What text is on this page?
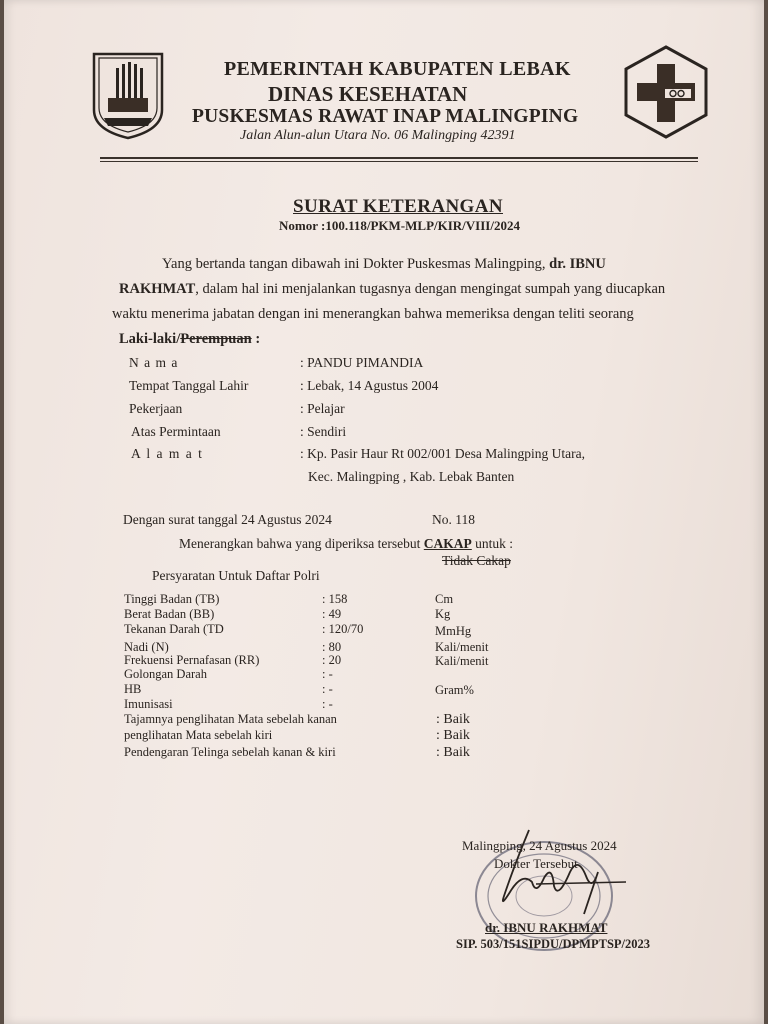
PEMERINTAH KABUPATEN LEBAK
DINAS KESEHATAN
PUSKESMAS RAWAT INAP MALINGPING
Jalan Alun-alun Utara No. 06 Malingping 42391
SURAT KETERANGAN
Nomor :100.118/PKM-MLP/KIR/VIII/2024
Yang bertanda tangan dibawah ini Dokter Puskesmas Malingping, dr. IBNU
RAKHMAT, dalam hal ini menjalankan tugasnya dengan mengingat sumpah yang diucapkan
waktu menerima jabatan dengan ini menerangkan bahwa memeriksa dengan teliti seorang
Laki-laki/Perempuan :
N a m a	: PANDU PIMANDIA
Tempat Tanggal Lahir	: Lebak, 14 Agustus 2004
Pekerjaan	: Pelajar
Atas Permintaan	: Sendiri
A l a m a t	: Kp. Pasir Haur Rt 002/001 Desa Malingping Utara,
Kec. Malingping , Kab. Lebak Banten
Dengan surat tanggal 24 Agustus 2024	No. 118
Menerangkan bahwa yang diperiksa tersebut CAKAP untuk :
Tidak Cakap
Persyaratan Untuk Daftar Polri
Tinggi Badan (TB)	: 158	Cm
Berat Badan (BB)	: 49	Kg
Tekanan Darah (TD	: 120/70	MmHg
Nadi (N)	: 80	Kali/menit
Frekuensi Pernafasan (RR)	: 20	Kali/menit
Golongan Darah	: -
HB	: -	Gram%
Imunisasi	: -
Tajamnya penglihatan Mata sebelah kanan	: Baik
penglihatan Mata sebelah kiri	: Baik
Pendengaran Telinga sebelah kanan & kiri	: Baik
Malingping, 24 Agustus 2024
Dokter Tersebut
dr. IBNU RAKHMAT
SIP. 503/151SIPDU/DPMPTSP/2023
